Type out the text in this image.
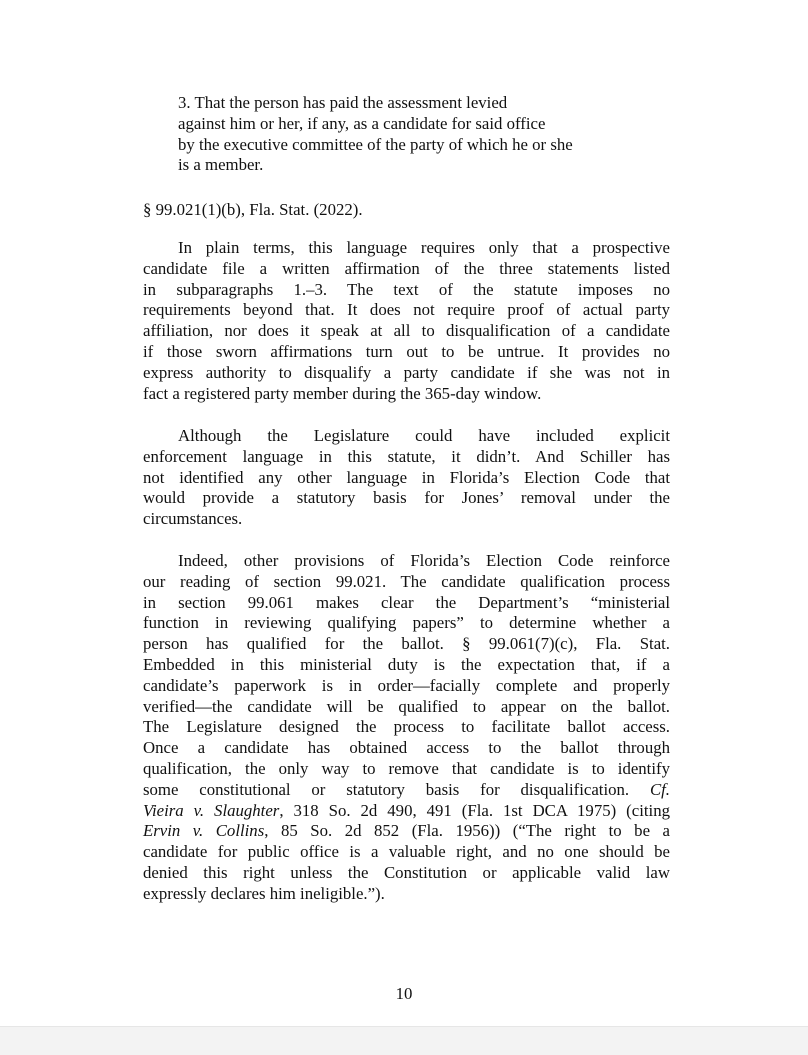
3. That the person has paid the assessment levied
against him or her, if any, as a candidate for said office
by the executive committee of the party of which he or she
is a member.
§ 99.021(1)(b), Fla. Stat. (2022).
In plain terms, this language requires only that a prospective
candidate file a written affirmation of the three statements listed
in subparagraphs 1.–3. The text of the statute imposes no
requirements beyond that. It does not require proof of actual party
affiliation, nor does it speak at all to disqualification of a candidate
if those sworn affirmations turn out to be untrue. It provides no
express authority to disqualify a party candidate if she was not in
fact a registered party member during the 365-day window.
Although the Legislature could have included explicit
enforcement language in this statute, it didn’t. And Schiller has
not identified any other language in Florida’s Election Code that
would provide a statutory basis for Jones’ removal under the
circumstances.
Indeed, other provisions of Florida’s Election Code reinforce
our reading of section 99.021. The candidate qualification process
in section 99.061 makes clear the Department’s “ministerial
function in reviewing qualifying papers” to determine whether a
person has qualified for the ballot. § 99.061(7)(c), Fla. Stat.
Embedded in this ministerial duty is the expectation that, if a
candidate’s paperwork is in order—facially complete and properly
verified—the candidate will be qualified to appear on the ballot.
The Legislature designed the process to facilitate ballot access.
Once a candidate has obtained access to the ballot through
qualification, the only way to remove that candidate is to identify
some constitutional or statutory basis for disqualification. Cf.
Vieira v. Slaughter, 318 So. 2d 490, 491 (Fla. 1st DCA 1975) (citing
Ervin v. Collins, 85 So. 2d 852 (Fla. 1956)) (“The right to be a
candidate for public office is a valuable right, and no one should be
denied this right unless the Constitution or applicable valid law
expressly declares him ineligible.”).
10
